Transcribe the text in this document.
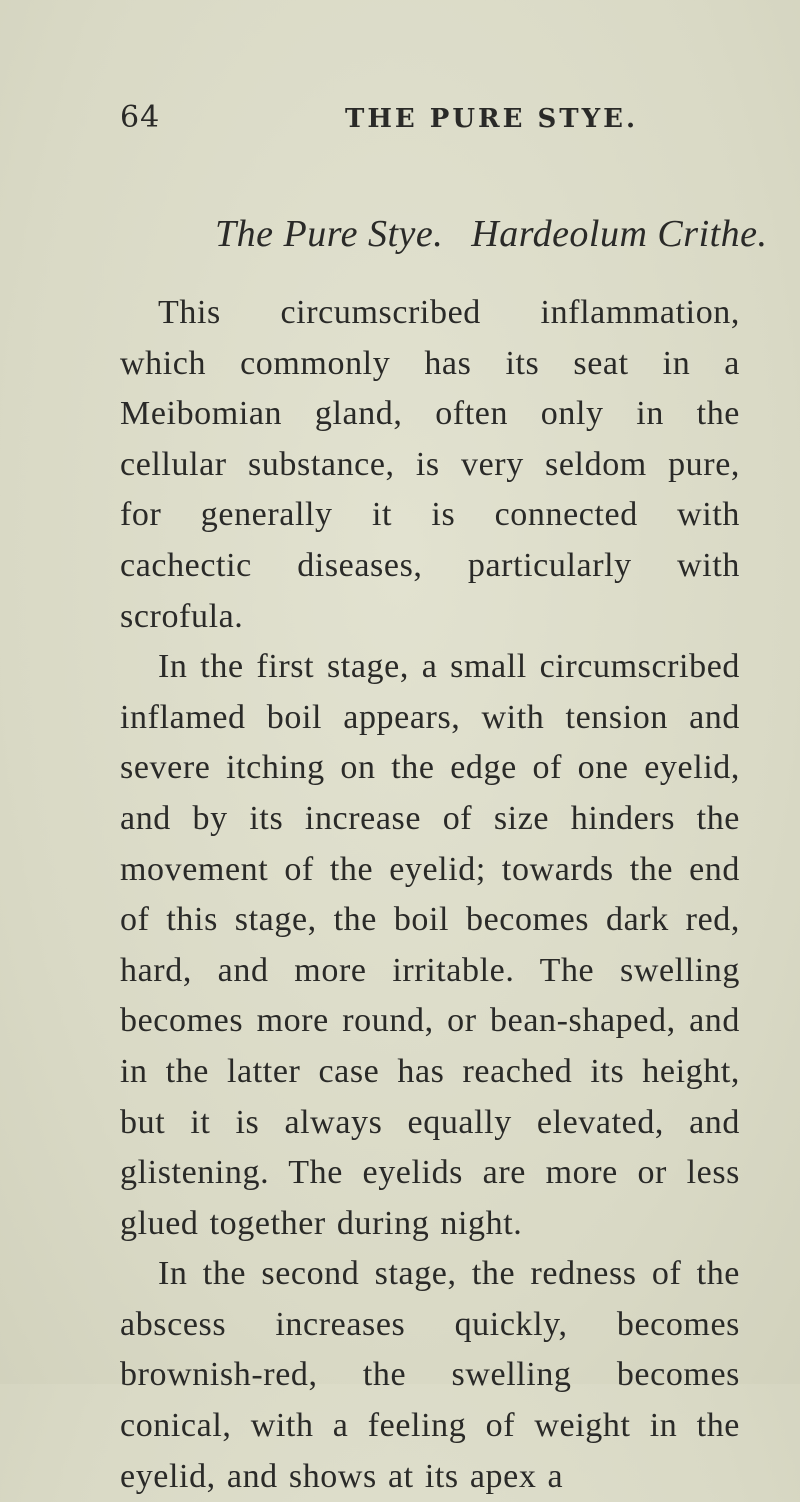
64	THE PURE STYE.
The Pure Stye. Hardeolum Crithe.

This circumscribed inflammation, which commonly has its seat in a Meibomian gland, often only in the cellular substance, is very seldom pure, for generally it is connected with cachectic diseases, particularly with scrofula.

In the first stage, a small circumscribed inflamed boil appears, with tension and severe itching on the edge of one eyelid, and by its increase of size hinders the movement of the eyelid; towards the end of this stage, the boil becomes dark red, hard, and more irritable. The swelling becomes more round, or bean-shaped, and in the latter case has reached its height, but it is always equally elevated, and glistening. The eyelids are more or less glued together during night.

In the second stage, the redness of the abscess increases quickly, becomes brownish-red, the swelling becomes conical, with a feeling of weight in the eyelid, and shows at its apex a
